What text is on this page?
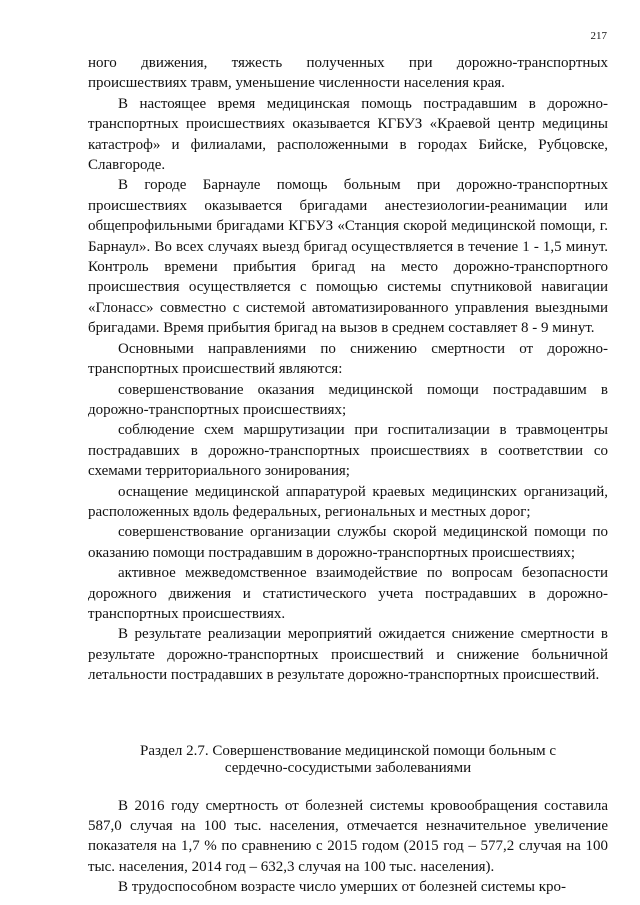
217

ного движения, тяжесть полученных при дорожно-транспортных происшествиях травм, уменьшение численности населения края.

В настоящее время медицинская помощь пострадавшим в дорожно-транспортных происшествиях оказывается КГБУЗ «Краевой центр медицины катастроф» и филиалами, расположенными в городах Бийске, Рубцовске, Славгороде.

В городе Барнауле помощь больным при дорожно-транспортных происшествиях оказывается бригадами анестезиологии-реанимации или общепрофильными бригадами КГБУЗ «Станция скорой медицинской помощи, г. Барнаул». Во всех случаях выезд бригад осуществляется в течение 1 - 1,5 минут. Контроль времени прибытия бригад на место дорожно-транспортного происшествия осуществляется с помощью системы спутниковой навигации «Глонасс» совместно с системой автоматизированного управления выездными бригадами. Время прибытия бригад на вызов в среднем составляет 8 - 9 минут.

Основными направлениями по снижению смертности от дорожно-транспортных происшествий являются:

совершенствование оказания медицинской помощи пострадавшим в дорожно-транспортных происшествиях;

соблюдение схем маршрутизации при госпитализации в травмоцентры пострадавших в дорожно-транспортных происшествиях в соответствии со схемами территориального зонирования;

оснащение медицинской аппаратурой краевых медицинских организаций, расположенных вдоль федеральных, региональных и местных дорог;

совершенствование организации службы скорой медицинской помощи по оказанию помощи пострадавшим в дорожно-транспортных происшествиях;

активное межведомственное взаимодействие по вопросам безопасности дорожного движения и статистического учета пострадавших в дорожно-транспортных происшествиях.

В результате реализации мероприятий ожидается снижение смертности в результате дорожно-транспортных происшествий и снижение больничной летальности пострадавших в результате дорожно-транспортных происшествий.

Раздел 2.7. Совершенствование медицинской помощи больным с сердечно-сосудистыми заболеваниями

В 2016 году смертность от болезней системы кровообращения составила 587,0 случая на 100 тыс. населения, отмечается незначительное увеличение показателя на 1,7 % по сравнению с 2015 годом (2015 год – 577,2 случая на 100 тыс. населения, 2014 год – 632,3 случая на 100 тыс. населения).

В трудоспособном возрасте число умерших от болезней системы кро-
